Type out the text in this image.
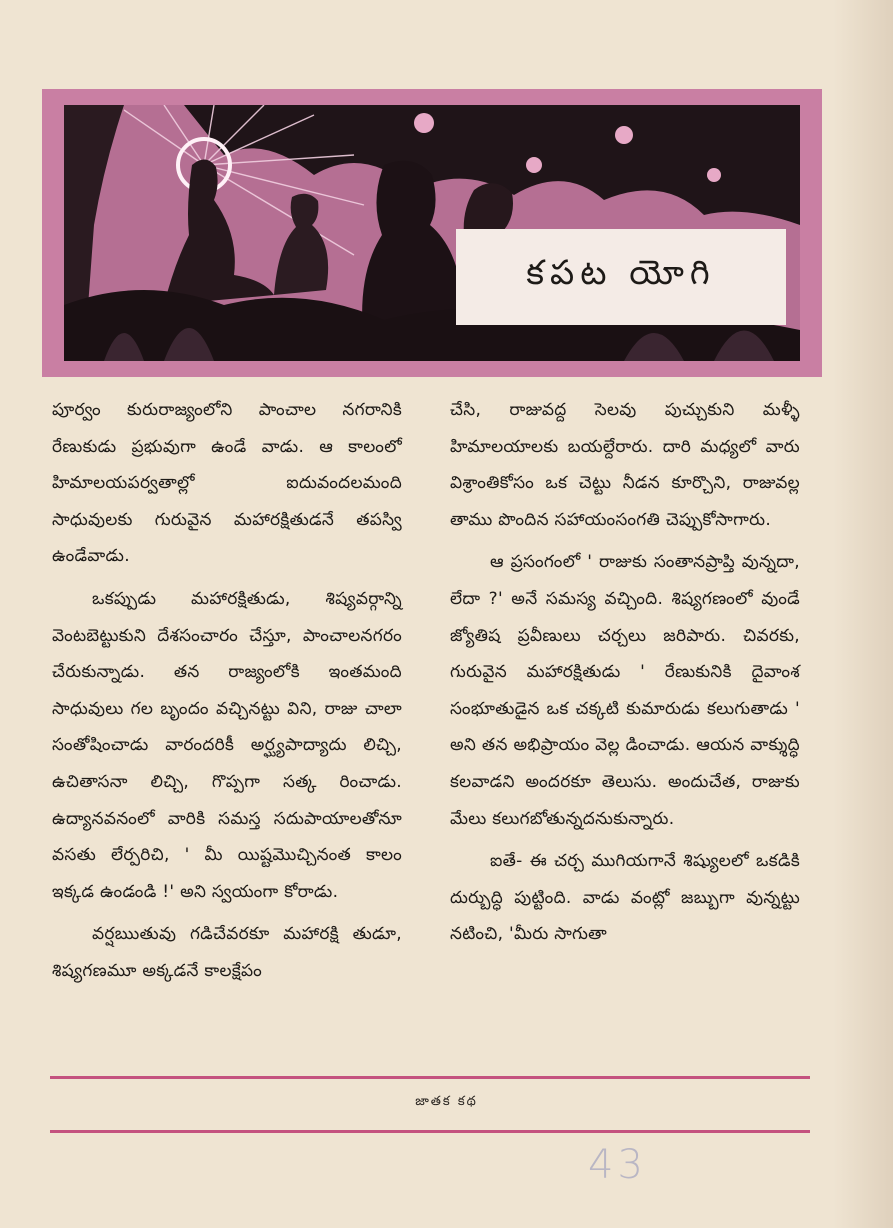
కపట యోగి

పూర్వం కురురాజ్యంలోని పాంచాల నగరానికి రేణుకుడు ప్రభువుగా ఉండే వాడు. ఆ కాలంలో హిమాలయపర్వతాల్లో ఐదువందలమంది సాధువులకు గురువైన మహారక్షితుడనే తపస్వి ఉండేవాడు.

ఒకప్పుడు మహారక్షితుడు, శిష్యవర్గాన్ని వెంటబెట్టుకుని దేశసంచారం చేస్తూ, పాంచాలనగరం చేరుకున్నాడు. తన రాజ్యంలోకి ఇంతమంది సాధువులు గల బృందం వచ్చినట్టు విని, రాజు చాలా సంతోషించాడు వారందరికీ అర్ఘ్యపాద్యాదు లిచ్చి, ఉచితాసనా లిచ్చి, గొప్పగా సత్క రించాడు. ఉద్యానవనంలో వారికి సమస్త సదుపాయాలతోనూ వసతు లేర్పరిచి, ' మీ యిష్టమొచ్చినంత కాలం ఇక్కడ ఉండండి !' అని స్వయంగా కోరాడు.

వర్షఋతువు గడిచేవరకూ మహారక్షి తుడూ, శిష్యగణమూ అక్కడనే కాలక్షేపం

చేసి, రాజువద్ద సెలవు పుచ్చుకుని మళ్ళీ హిమాలయాలకు బయల్దేరారు. దారి మధ్యలో వారు విశ్రాంతికోసం ఒక చెట్టు నీడన కూర్చొని, రాజువల్ల తాము పొందిన సహాయంసంగతి చెప్పుకోసాగారు.

ఆ ప్రసంగంలో ' రాజుకు సంతానప్రాప్తి వున్నదా, లేదా ?' అనే సమస్య వచ్చింది. శిష్యగణంలో వుండే జ్యోతిష ప్రవీణులు చర్చలు జరిపారు. చివరకు, గురువైన మహారక్షితుడు ' రేణుకునికి దైవాంశ సంభూతుడైన ఒక చక్కటి కుమారుడు కలుగుతాడు ' అని తన అభిప్రాయం వెల్ల డించాడు. ఆయన వాక్శుద్ధి కలవాడని అందరకూ తెలుసు. అందుచేత, రాజుకు మేలు కలుగబోతున్నదనుకున్నారు.

ఐతే- ఈ చర్చ ముగియగానే శిష్యులలో ఒకడికి దుర్బుద్ధి పుట్టింది. వాడు వంట్లో జబ్బుగా వున్నట్టు నటించి, 'మీరు సాగుతా

జాతక కథ
43
